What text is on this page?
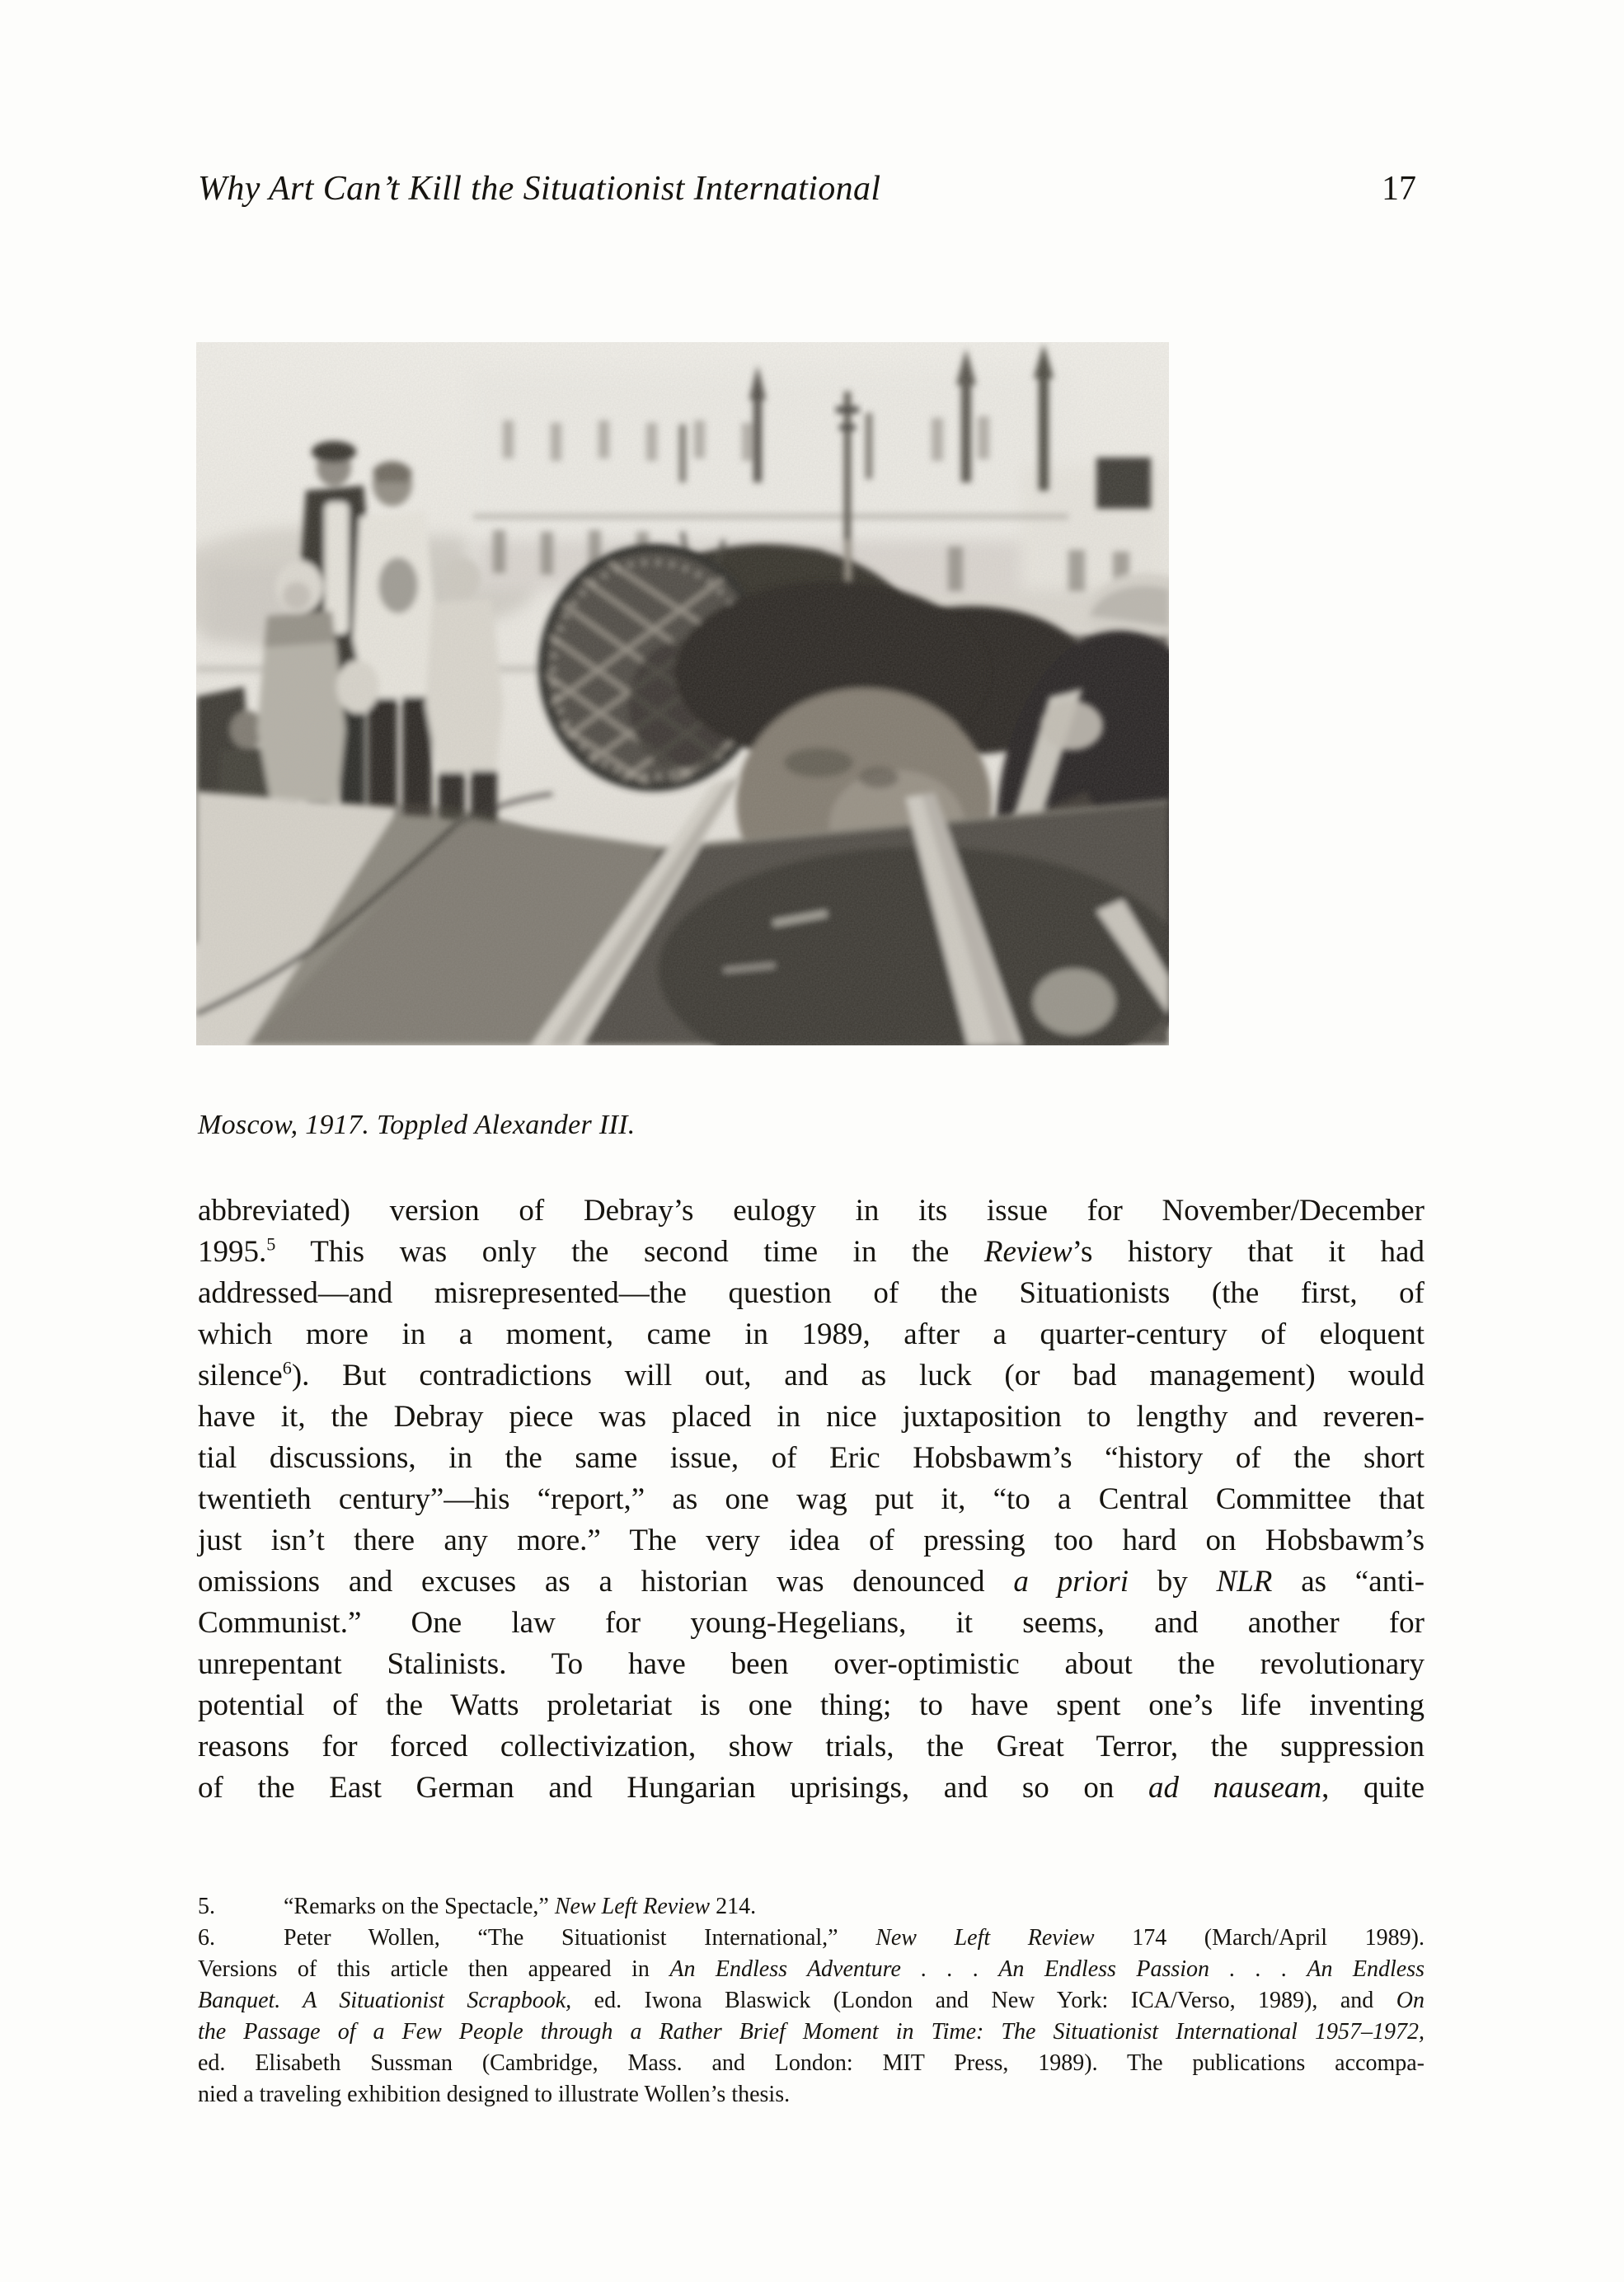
Why Art Can’t Kill the Situationist International	17
Moscow, 1917. Toppled Alexander III.
abbreviated) version of Debray’s eulogy in its issue for November/December
1995.$^5$ This was only the second time in the Review’s history that it had
addressed—and misrepresented—the question of the Situationists (the first, of
which more in a moment, came in 1989, after a quarter-century of eloquent
silence$^6$). But contradictions will out, and as luck (or bad management) would
have it, the Debray piece was placed in nice juxtaposition to lengthy and reveren-
tial discussions, in the same issue, of Eric Hobsbawm’s “history of the short
twentieth century”—his “report,” as one wag put it, “to a Central Committee that
just isn’t there any more.” The very idea of pressing too hard on Hobsbawm’s
omissions and excuses as a historian was denounced a priori by NLR as “anti-
Communist.” One law for young-Hegelians, it seems, and another for
unrepentant Stalinists. To have been over-optimistic about the revolutionary
potential of the Watts proletariat is one thing; to have spent one’s life inventing
reasons for forced collectivization, show trials, the Great Terror, the suppression
of the East German and Hungarian uprisings, and so on ad nauseam, quite
5.	“Remarks on the Spectacle,” New Left Review 214.
6.	Peter Wollen, “The Situationist International,” New Left Review 174 (March/April 1989).
Versions of this article then appeared in An Endless Adventure . . . An Endless Passion . . . An Endless
Banquet. A Situationist Scrapbook, ed. Iwona Blaswick (London and New York: ICA/Verso, 1989), and On
the Passage of a Few People through a Rather Brief Moment in Time: The Situationist International 1957–1972,
ed. Elisabeth Sussman (Cambridge, Mass. and London: MIT Press, 1989). The publications accompa-
nied a traveling exhibition designed to illustrate Wollen’s thesis.
